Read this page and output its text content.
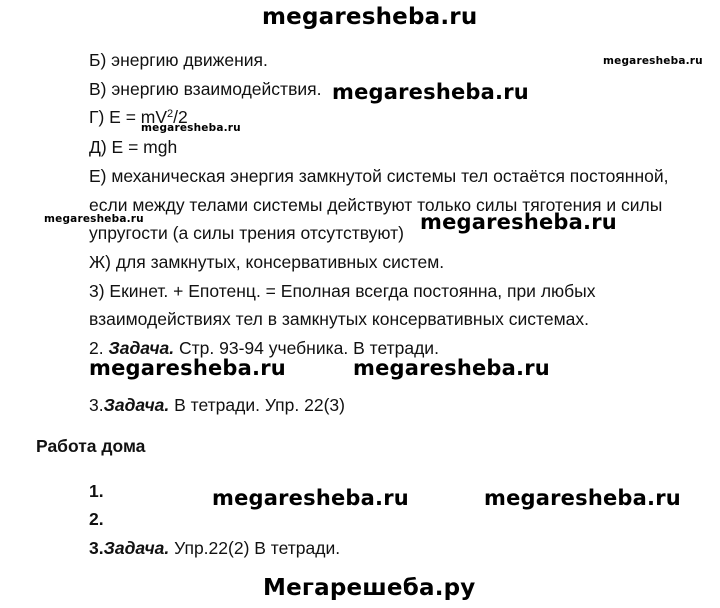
megaresheba.ru
Б) энергию движения.	megaresheba.ru
В) энергию взаимодействия. megaresheba.ru
Г) $E = mV^2/2$
megaresheba.ru
Д) E = mgh
Е) механическая энергия замкнутой системы тел остаётся постоянной,
если между телами системы действуют только силы тяготения и силы
megaresheba.ru
упругости (а силы трения отсутствуют) megaresheba.ru
Ж) для замкнутых, консервативных систем.
3) Екинет. + Епотенц. = Еполная всегда постоянна, при любых
взаимодействиях тел в замкнутых консервативных системах.
2. Задача. Стр. 93-94 учебника. В тетради.
megaresheba.ru	megaresheba.ru
3.Задача. В тетради. Упр. 22(3)
Работа дома
1.	megaresheba.ru	megaresheba.ru
2.
3.Задача. Упр.22(2) В тетради.
Мегарешеба.ру
